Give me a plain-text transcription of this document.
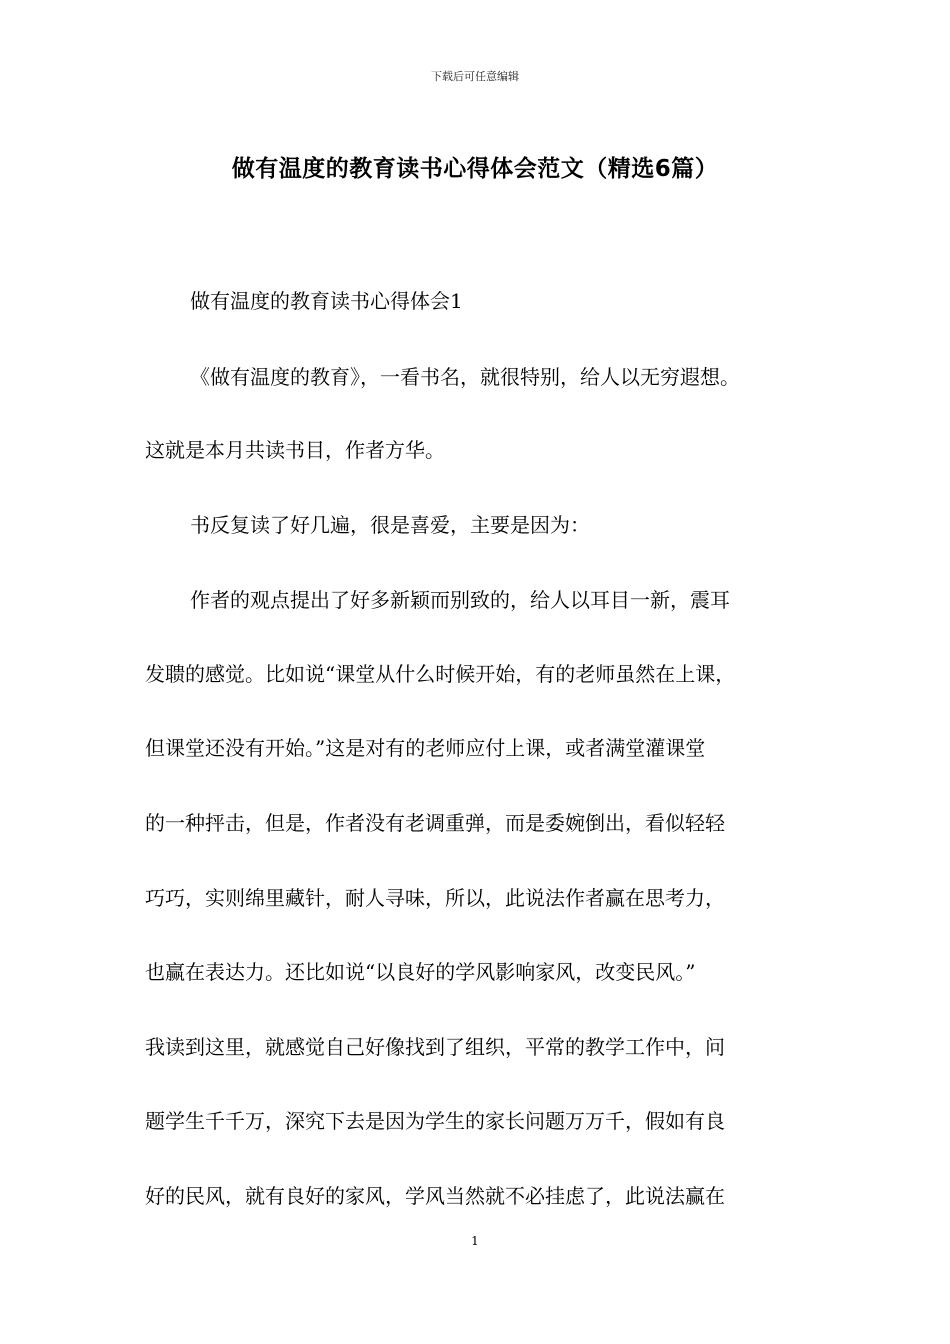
下载后可任意编辑
做有温度的教育读书心得体会范文（精选6篇）
做有温度的教育读书心得体会1
《做有温度的教育》，一看书名，就很特别，给人以无穷遐想。
这就是本月共读书目，作者方华。
书反复读了好几遍，很是喜爱，主要是因为：
作者的观点提出了好多新颖而别致的，给人以耳目一新，震耳
发聩的感觉。比如说“课堂从什么时候开始，有的老师虽然在上课，
但课堂还没有开始。”这是对有的老师应付上课，或者满堂灌课堂
的一种抨击，但是，作者没有老调重弹，而是委婉倒出，看似轻轻
巧巧，实则绵里藏针，耐人寻味，所以，此说法作者赢在思考力，
也赢在表达力。还比如说“以良好的学风影响家风，改变民风。”
我读到这里，就感觉自己好像找到了组织，平常的教学工作中，问
题学生千千万，深究下去是因为学生的家长问题万万千，假如有良
好的民风，就有良好的家风，学风当然就不必挂虑了，此说法赢在
1
